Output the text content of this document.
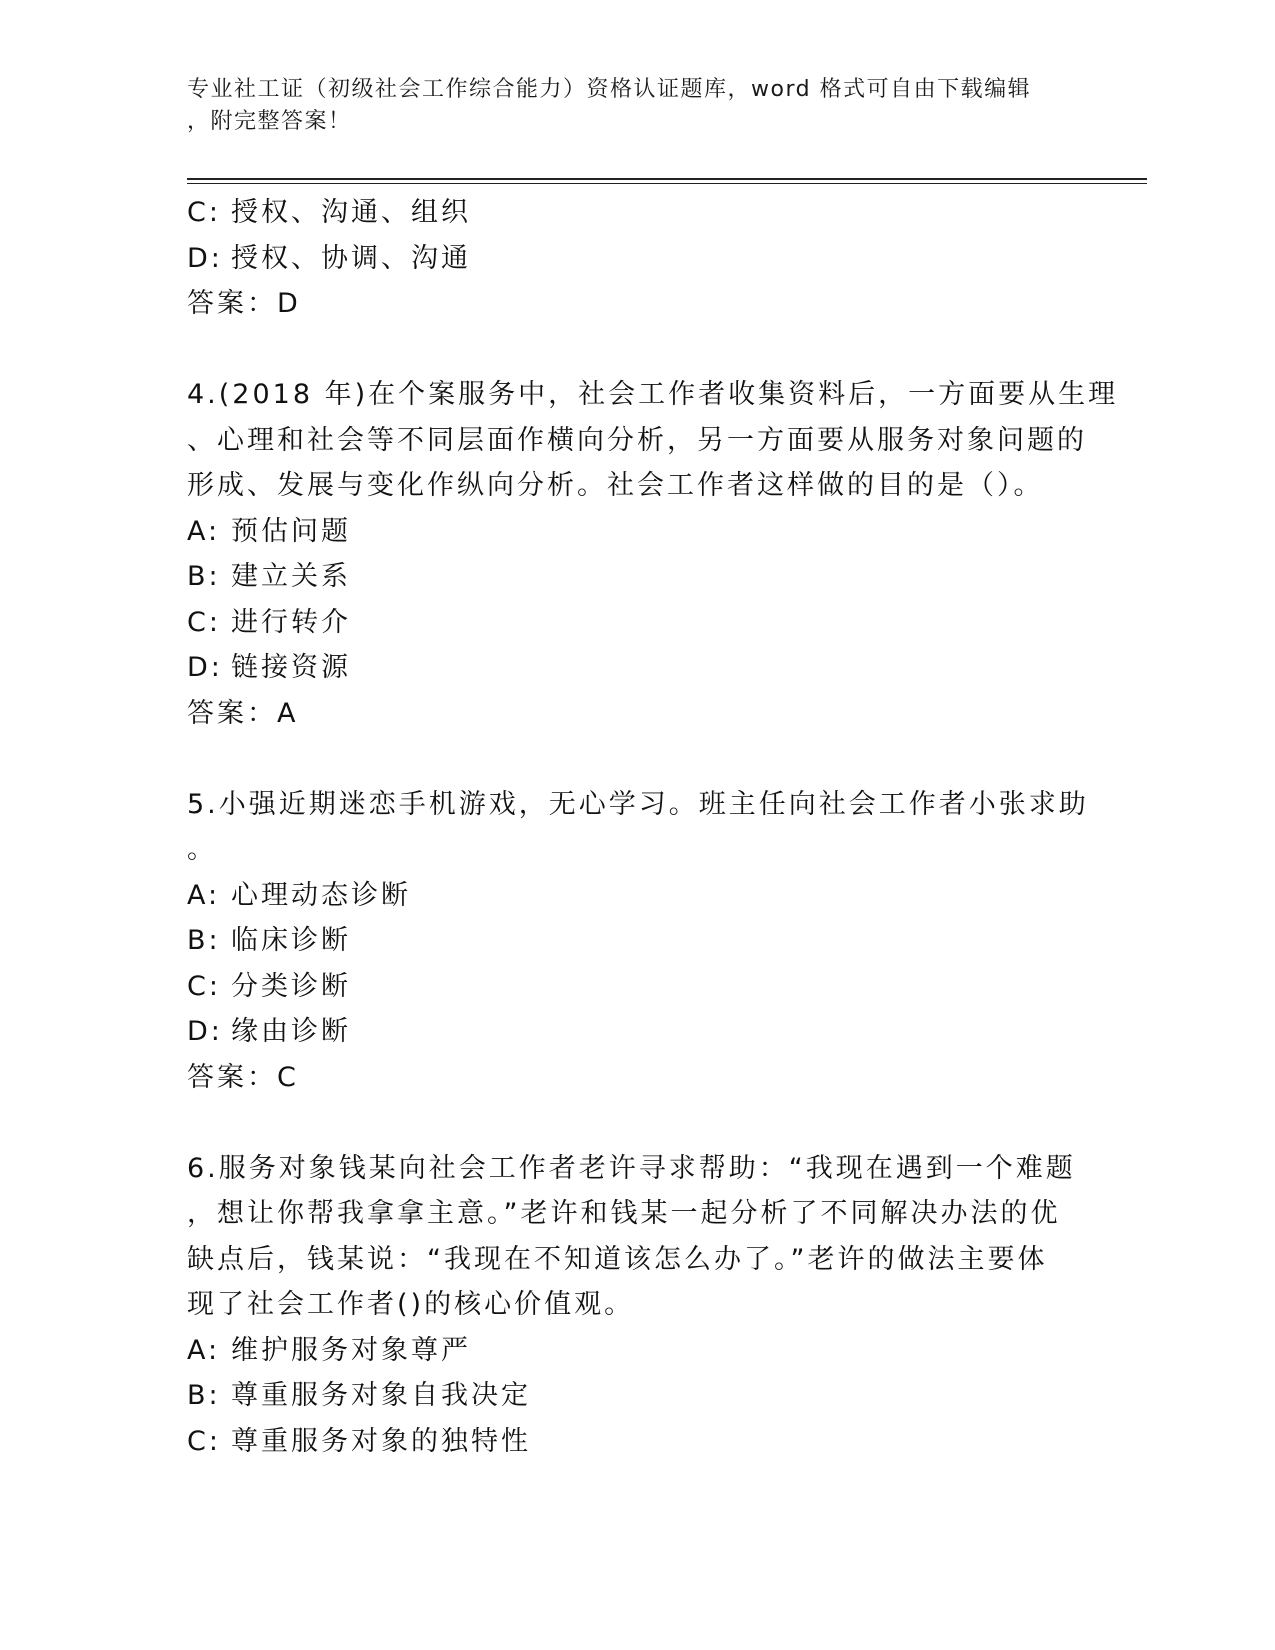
专业社工证（初级社会工作综合能力）资格认证题库，word 格式可自由下载编辑
，附完整答案！
C: 授权、沟通、组织
D: 授权、协调、沟通
答案：D
4.(2018 年)在个案服务中，社会工作者收集资料后，一方面要从生理
、心理和社会等不同层面作横向分析，另一方面要从服务对象问题的
形成、发展与变化作纵向分析。社会工作者这样做的目的是（）。
A: 预估问题
B: 建立关系
C: 进行转介
D: 链接资源
答案：A
5.小强近期迷恋手机游戏，无心学习。班主任向社会工作者小张求助
。
A: 心理动态诊断
B: 临床诊断
C: 分类诊断
D: 缘由诊断
答案：C
6.服务对象钱某向社会工作者老许寻求帮助：“我现在遇到一个难题
，想让你帮我拿拿主意。”老许和钱某一起分析了不同解决办法的优
缺点后，钱某说：“我现在不知道该怎么办了。”老许的做法主要体
现了社会工作者()的核心价值观。
A: 维护服务对象尊严
B: 尊重服务对象自我决定
C: 尊重服务对象的独特性
